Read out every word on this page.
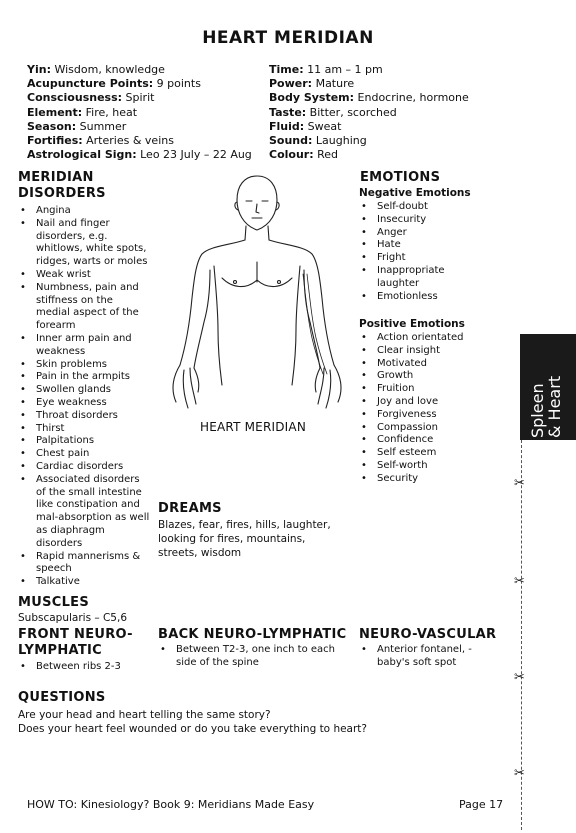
HEART MERIDIAN
Yin: Wisdom, knowledge
Acupuncture Points: 9 points
Consciousness: Spirit
Element: Fire, heat
Season: Summer
Fortifies: Arteries & veins
Astrological Sign: Leo 23 July – 22 Aug
Time: 11 am – 1 pm
Power: Mature
Body System: Endocrine, hormone
Taste: Bitter, scorched
Fluid: Sweat
Sound: Laughing
Colour: Red
MERIDIAN
DISORDERS
• Angina
• Nail and finger disorders, e.g. whitlows, white spots, ridges, warts or moles
• Weak wrist
• Numbness, pain and stiffness on the medial aspect of the forearm
• Inner arm pain and weakness
• Skin problems
• Pain in the armpits
• Swollen glands
• Eye weakness
• Throat disorders
• Thirst
• Palpitations
• Chest pain
• Cardiac disorders
• Associated disorders of the small intestine like constipation and mal-absorption as well as diaphragm disorders
• Rapid mannerisms & speech
• Talkative
HEART MERIDIAN
EMOTIONS
Negative Emotions
• Self-doubt
• Insecurity
• Anger
• Hate
• Fright
• Inappropriate laughter
• Emotionless
Positive Emotions
• Action orientated
• Clear insight
• Motivated
• Growth
• Fruition
• Joy and love
• Forgiveness
• Compassion
• Confidence
• Self esteem
• Self-worth
• Security
DREAMS
Blazes, fear, fires, hills, laughter, looking for fires, mountains, streets, wisdom
MUSCLES
Subscapularis – C5,6
FRONT NEURO-
LYMPHATIC
• Between ribs 2-3
BACK NEURO-LYMPHATIC
• Between T2-3, one inch to each side of the spine
NEURO-VASCULAR
• Anterior fontanel, - baby's soft spot
QUESTIONS
Are your head and heart telling the same story?
Does your heart feel wounded or do you take everything to heart?
Spleen
& Heart
✂
✂
✂
✂
HOW TO: Kinesiology? Book 9: Meridians Made Easy	Page 17
